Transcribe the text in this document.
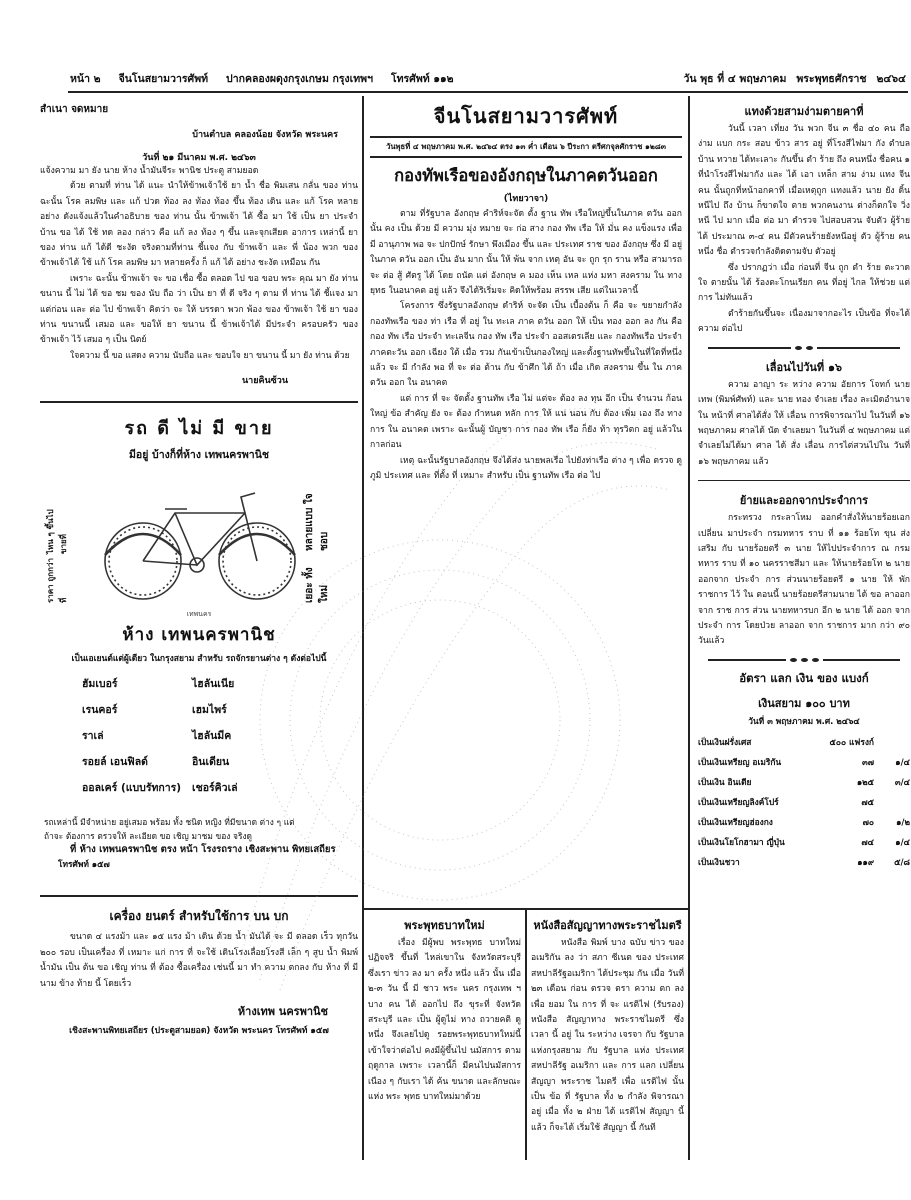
หน้า ๒ จีนโนสยามวารศัพท์ ปากคลองผดุงกรุงเกษม กรุงเทพฯ โทรศัพท์ ๑๑๒	วัน พุธ ที่ ๔ พฤษภาคม พระพุทธศักราช ๒๔๖๔

สำเนา จดหมาย

บ้านตำบล คลองน้อย จังหวัด พระนคร

วันที่ ๒๑ มีนาคม พ.ศ. ๒๔๖๓

แจ้งความ มา ยัง นาย ห้าง น้ำมันจีระ พานิช ประตู สามยอด

ด้วย ตามที่ ท่าน ได้ แนะ นำให้ข้าพเจ้าใช้ ยา น้ำ ชื่อ พิมเสน กลั่น ของ ท่าน ฉะนั้น โรค ลมพิษ และ แก้ ปวด ท้อง ลง ท้อง ท้อง ขึ้น ท้อง เดิน และ แก้ โรค หลาย อย่าง ดังแจ้งแล้วในคำอธิบาย ของ ท่าน นั้น ข้าพเจ้า ได้ ซื้อ มา ใช้ เป็น ยา ประจำ บ้าน ขอ ได้ ใช้ ทด ลอง กล่าว คือ แก้ ลง ท้อง ๆ ขึ้น และจุกเสียด อาการ เหล่านี้ ยา ของ ท่าน แก้ ได้ดี ชะงัด จริงตามที่ท่าน ชี้แจง กับ ข้าพเจ้า และ พี่ น้อง พวก ของ ข้าพเจ้าได้ ใช้ แก้ โรค ลมพิษ มา หลายครั้ง ก็ แก้ ได้ อย่าง ชะงัด เหมือน กัน

เพราะ ฉะนั้น ข้าพเจ้า จะ ขอ เชื่อ ซื้อ ตลอด ไป ขอ ขอบ พระ คุณ มา ยัง ท่าน ขนาน นี้ ไม่ ได้ ขอ ชม ของ นับ ถือ ว่า เป็น ยา ที่ ดี จริง ๆ ตาม ที่ ท่าน ได้ ชี้แจง มา แต่ก่อน และ ต่อ ไป ข้าพเจ้า คิดว่า จะ ให้ บรรดา พวก พ้อง ของ ข้าพเจ้า ใช้ ยา ของ ท่าน ขนานนี้ เสมอ และ ขอให้ ยา ขนาน นี้ ข้าพเจ้าได้ มีประจำ ครอบครัว ของ ข้าพเจ้า ไว้ เสมอ ๆ เป็น นิตย์

ใจความ นี้ ขอ แสดง ความ นับถือ และ ขอบใจ ยา ขนาน นี้ มา ยัง ท่าน ด้วย

นายคินซ้วน

รถ ดี ไม่ มี ขาย
มีอยู่ บ้างก็ที่ห้าง เทพนครพานิช
ราคา ถูกกว่าที่
ไหน ๆ ขึ้นไป ขายที่
เยอะ ทั้งใหม่
หลายแบบ ใจชอบ
เทพนคร
ห้าง เทพนครพานิช
เป็นเอเยนต์แต่ผู้เดียว ในกรุงสยาม สำหรับ รถจักรยานต่าง ๆ ดังต่อไปนี้
ฮัมเบอร์	ไฮลันเนีย
เรนคอร์	เฮมไพร์
ราเล่	ไฮลันมีค
รอยล์ เอนฟิลด์	อินเดียน
ออลเคร์ (แบบรัทการ)	เชอร์คิวเล่
รถเหล่านี้ มีจำหน่าย อยู่เสมอ พร้อม ทั้ง ชนิด หญิง ที่มีขนาด ต่าง ๆ แต่
ถ้าจะ ต้องการ ตรวจให้ ละเอียด ขอ เชิญ มาชม ของ จริงดู
ที่ ห้าง เทพนครพานิช ตรง หน้า โรงรถราง เชิงสะพาน พิทยเสถียร
โทรศัพท์ ๑๕๗
เครื่อง ยนตร์ สำหรับใช้การ บน บก

ขนาด ๔ แรงม้า และ ๑๕ แรง ม้า เดิน ด้วย น้ำ มันได้ จะ มี ตลอด เร็ว ทุกวัน ๒๐๐ รอบ เป็นเครื่อง ที่ เหมาะ แก่ การ ที่ จะใช้ เดินโรงเลื่อยโรงสี เล็ก ๆ สูบ น้ำ พิมพ์ น้ำมัน เป็น ต้น ขอ เชิญ ท่าน ที่ ต้อง ซื้อเครื่อง เช่นนี้ มา ทำ ความ ตกลง กับ ห้าง ที่ มี นาม ข้าง ท้าย นี้ โดยเร็ว

ห้างเทพ นครพานิช

เชิงสะพานพิทยเสถียร (ประตูสามยอด) จังหวัด พระนคร โทรศัพท์ ๑๕๗

จีนโนสยามวารศัพท์
วันพุธที่ ๔ พฤษภาคม พ.ศ. ๒๔๖๔ ตรง ๑๓ ค่ำ เดือน ๖ ปีระกา ตรีศกจุลศักราช ๑๒๘๓
กองทัพเรือของอังกฤษในภาคตวันออก
(ไทยวาจา)

ตาม ที่รัฐบาล อังกฤษ คำริห์จะจัด ตั้ง ฐาน ทัพ เรือใหญ่ขึ้นในภาค ตวัน ออก นั้น คง เป็น ด้วย มี ความ มุ่ง หมาย จะ ก่อ สาง กอง ทัพ เรือ ให้ มั่น คง แข็งแรง เพื่อ มี อานุภาพ พอ จะ ปกปักษ์ รักษา พึงเมือง ขึ้น และ ประเทศ ราช ของ อังกฤษ ซึ่ง มี อยู่ ในภาค ตวัน ออก เป็น อัน มาก นั้น ให้ พ้น จาก เหตุ อัน จะ ถูก รุก ราน หรือ สามารถจะ ต่อ สู้ ศัตรู ได้ โดย ถนัด แต่ อังกฤษ ค มอง เห็น เหล แห่ง มหา สงคราม ใน ทาง ยุทธ ในอนาคต อยู่ แล้ว จึงได้ริเริ่มจะ คิดให้พร้อม สรรพ เสีย แต่ในเวลานี้

โครงการ ซึ่งรัฐบาลอังกฤษ ดำริห์ จะจัด เป็น เบื้องต้น ก็ คือ จะ ขยายกำลัง กองทัพเรือ ของ ท่า เรือ ที่ อยู่ ใน ทะเล ภาค ตวัน ออก ให้ เป็น ทอง ออก ลง กัน คือ กอง ทัพ เรือ ประจำ ทะเลจีน กอง ทัพ เรือ ประจำ ออสเตรเลีย และ กองทัพเรือ ประจำ ภาคตะวัน ออก เฉียง ใต้ เมื่อ รวม กันเข้าเป็นกองใหญ่ และตั้งฐานทัพขึ้นในที่ใดที่หนึ่งแล้ว จะ มี กำลัง พอ ที่ จะ ต่อ ต้าน กับ ข้าศึก ได้ ถ้า เมื่อ เกิด สงคราม ขึ้น ใน ภาค ตวัน ออก ใน อนาคต

แต่ การ ที่ จะ จัดตั้ง ฐานทัพ เรือ ไม่ แต่จะ ต้อง ลง ทุน อีก เป็น จำนวน ก้อนใหญ่ ข้อ สำคัญ ยัง จะ ต้อง กำหนด หลัก การ ให้ แน่ นอน กับ ต้อง เพิ่ม เอง ถึง ทาง การ ใน อนาคต เพราะ ฉะนั้นผู้ บัญชา การ กอง ทัพ เรือ ก็ยัง ท้า ทุรวิตก อยู่ แล้วในกาลก่อน

เหตุ ฉะนั้นรัฐบาลอังกฤษ จึงได้ส่ง นายพลเรือ ไปยังท่าเรือ ต่าง ๆ เพื่อ ตรวจ ดู ภูมิ ประเทศ และ ที่ตั้ง ที่ เหมาะ สำหรับ เป็น ฐานทัพ เรือ ต่อ ไป

พระพุทธบาทใหม่

เรื่อง มีผู้พบ พระพุทธ บาทใหม่ ปฏิจจริ ขึ้นที่ ไหล่เขาใน จังหวัดสระบุรี ซึ่งเรา ข่าว ลง มา ครั้ง หนึ่ง แล้ว นั้น เมื่อ ๒-๓ วัน นี้ มี ชาว พระ นคร กรุงเทพ ฯ บาง คน ได้ ออกไป ถึง ขุระที่ จังหวัด สระบุรี และ เป็น ผู้ดูไม่ หาง ถวายคติ ดูหนึ่ง จึงเลยไปดู รอยพระพุทธบาทใหม่นี้ เข้าใจว่าต่อไป คงมีผู้ขึ้นไป นมัสการ ตามฤดูกาล เพราะ เวลานี้ก็ มีคนไปนมัสการ เนือง ๆ กับเรา ได้ ค้น ขนาด และลักษณะ แห่ง พระ พุทธ บาทใหม่มาด้วย

หนังสือสัญญาทางพระราชไมตรี

หนังสือ พิมพ์ บาง ฉบับ ข่าว ของ อเมริกัน ลง ว่า สภา ซีเนต ของ ประเทศ สหปาลีรัฐอเมริกา ได้ประชุม กัน เมื่อ วันที่ ๒๓ เดือน ก่อน ตรวจ ตรา ความ ตก ลง เพื่อ ยอม ใน การ ที่ จะ แรติไฟ (รับรอง) หนังสือ สัญญาทาง พระราชไมตรี ซึ่ง เวลา นี้ อยู่ ใน ระหว่าง เจรจา กับ รัฐบาล แห่งกรุงสยาม กับ รัฐบาล แห่ง ประเทศ สหปาลีรัฐ อเมริกา และ การ แลก เปลี่ยน สัญญา พระราช ไมตรี เพื่อ แรติไฟ นั้น เป็น ข้อ ที่ รัฐบาล ทั้ง ๒ กำลัง พิจารณา อยู่ เมื่อ ทั้ง ๒ ฝ่าย ได้ แรติไฟ สัญญา นี้ แล้ว ก็จะได้ เริ่มใช้ สัญญา นี้ กันที

แทงด้วยสามง่ามตายคาที่

วันนี้ เวลา เที่ยง วัน พวก จีน ๓ ชื่อ ๔๐ คน ถือ ง่าม แบก กระ สอบ ข้าว สาร อยู่ ที่โรงสีไฟมา กัง ตำบลบ้าน ทวาย ได้ทะเลาะ กันขึ้น ตำ ร้าย ถึง คนหนึ่ง ชื่อคน ๑ ที่นำโรงสีไฟมากัง และ ได้ เอา เหล็ก สาม ง่าม แทง จีน คน นั้นถูกที่หน้าอกคาที่ เมื่อเหตุถูก แทงแล้ว นาย ยัง ดิ้น หนีไป ถึง บ้าน ก็ขาดใจ ตาย พวกคนงาน ต่างก็ตกใจ วิ่ง หนี ไป มาก เมื่อ ต่อ มา ตำรวจ ไปสอบสวน จับตัว ผู้ร้ายได้ ประมาณ ๓-๔ คน มีตัวคนร้ายยังหนีอยู่ ตัว ผู้ร้าย คนหนึ่ง ชื่อ ตำรวจกำลังติดตามจับ ตัวอยู่

ซึ่ง ปรากฏว่า เมื่อ ก่อนที่ จีน ถูก ตำ ร้าย ตะวาดใจ ตายนั้น ได้ ร้องตะโกนเรียก คน ที่อยู่ ไกล ให้ช่วย แต่ การ ไม่ทันแล้ว

ตำร้ายกันขึ้นจะ เนื่องมาจากอะไร เป็นข้อ ที่จะได้ ความ ต่อไป

เลื่อนไปวันที่ ๑๖

ความ อาญา ระ หว่าง ความ อัยการ โจทก์ นายเทพ (พิมพ์ศัพท์) และ นาย ทอง จำเลย เรื่อง ละเมิดอำนาจ ใน หน้าที่ ศาลได้สั่ง ให้ เลื่อน การพิจารณาไป ในวันที่ ๑๖ พฤษภาคม ศาลได้ นัด จำเลยมา ในวันที่ ๔ พฤษภาคม แต่ จำเลยไม่ได้มา ศาล ได้ สั่ง เลื่อน การไต่สวนไปใน วันที่ ๑๖ พฤษภาคม แล้ว

ย้ายและออกจากประจำการ

กระทรวง กระลาโหม ออกคำสั่งให้นายร้อยเอก เปลี่ยน มาประจำ กรมทหาร ราบ ที่ ๑๑ ร้อยโท ขุน ส่งเสริม กับ นายร้อยตรี ๓ นาย ให้ไปประจำการ ณ กรมทหาร ราบ ที่ ๑๐ นครราชสีมา และ ให้นายร้อยโท ๒ นาย ออกจาก ประจำ การ ส่วนนายร้อยตรี ๑ นาย ให้ พักราชการ ไว้ ใน ตอนนี้ นายร้อยตรีสามนาย ได้ ขอ ลาออก จาก ราช การ ส่วน นายทหารบก อีก ๒ นาย ได้ ออก จาก ประจำ การ โดยป่วย ลาออก จาก ราชการ มาก กว่า ๙๐ วันแล้ว

อัตรา แลก เงิน ของ แบงก์
เงินสยาม ๑๐๐ บาท
วันที่ ๓ พฤษภาคม พ.ศ. ๒๔๖๔
เป็นเงินฝรั่งเศส	๕๐๐ แฟรงก์	
เป็นเงินเหรียญ อเมริกัน	๓๗	๑/๔
เป็นเงิน อินเดีย	๑๒๕	๓/๔
เป็นเงินเหรียญลิงค์โปร์	๗๕	
เป็นเงินเหรียญฮ่องกง	๗๐	๑/๒
เป็นเงินโยโกฮามา ญี่ปุ่น	๗๔	๑/๔
เป็นเงินชวา	๑๑๙	๕/๘
